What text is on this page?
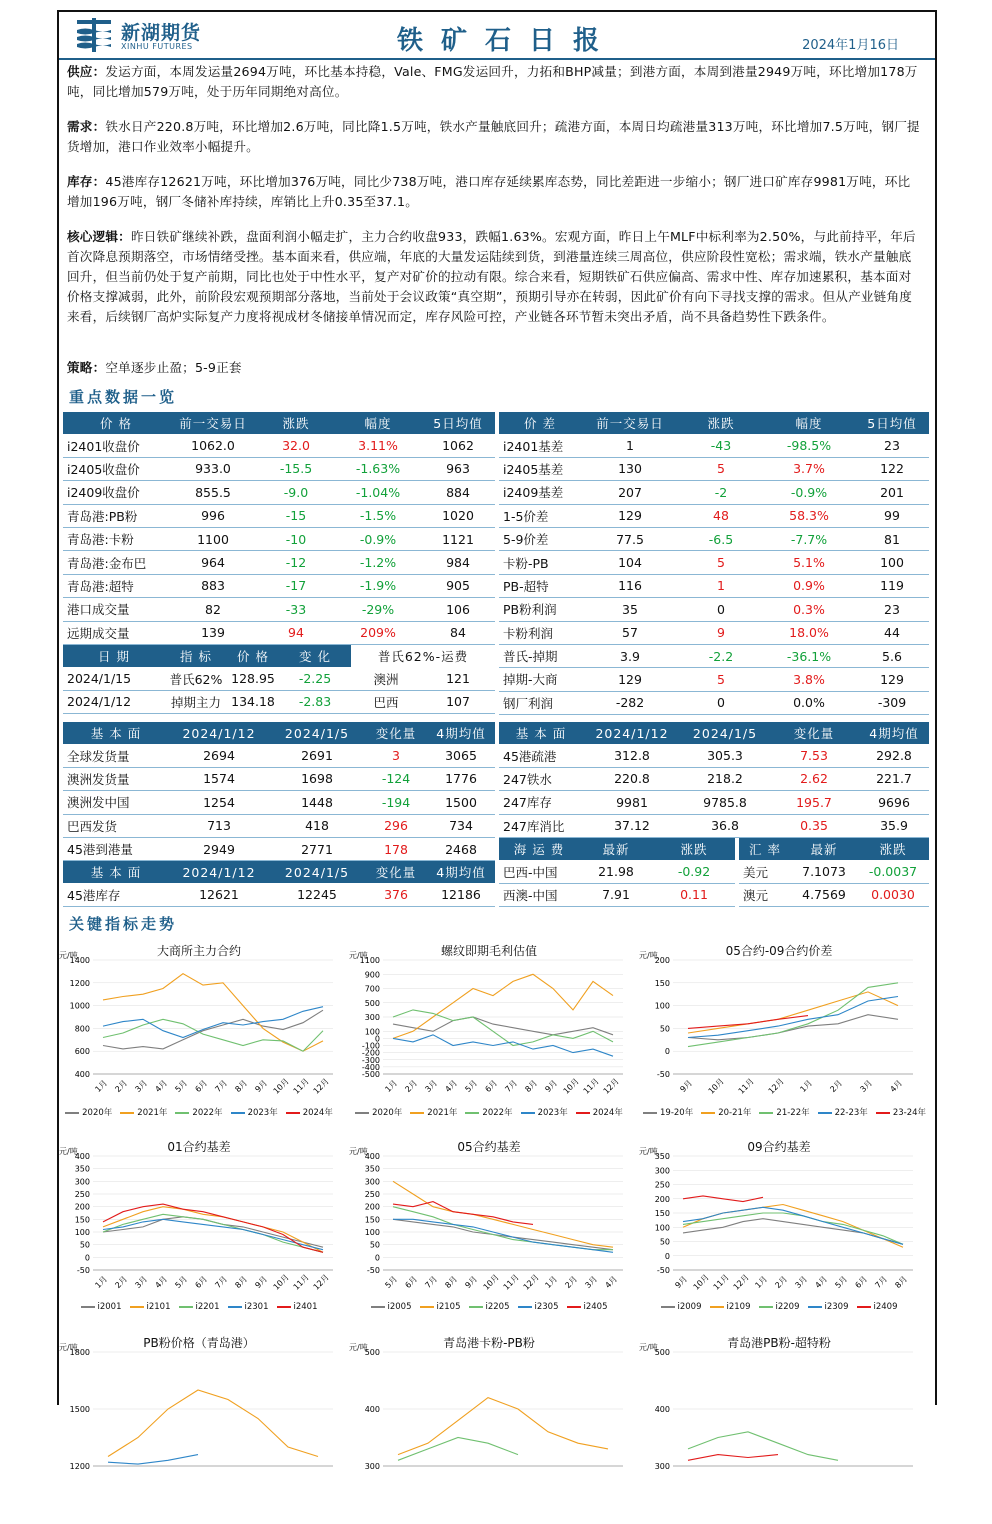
新湖期货
XINHU FUTURES	铁矿石日报	2024年1月16日
供应：发运方面，本周发运量2694万吨，环比基本持稳，Vale、FMG发运回升，力拓和BHP减量；到港方面，本周到港量2949万吨，环比增加178万吨，同比增加579万吨，处于历年同期绝对高位。
需求：铁水日产220.8万吨，环比增加2.6万吨，同比降1.5万吨，铁水产量触底回升；疏港方面，本周日均疏港量313万吨，环比增加7.5万吨，钢厂提货增加，港口作业效率小幅提升。
库存：45港库存12621万吨，环比增加376万吨，同比少738万吨，港口库存延续累库态势，同比差距进一步缩小；钢厂进口矿库存9981万吨，环比增加196万吨，钢厂冬储补库持续，库销比上升0.35至37.1。
核心逻辑：昨日铁矿继续补跌，盘面利润小幅走扩，主力合约收盘933，跌幅1.63%。宏观方面，昨日上午MLF中标利率为2.50%，与此前持平，年后首次降息预期落空，市场情绪受挫。基本面来看，供应端，年底的大量发运陆续到货，到港量连续三周高位，供应阶段性宽松；需求端，铁水产量触底回升，但当前仍处于复产前期，同比也处于中性水平，复产对矿价的拉动有限。综合来看，短期铁矿石供应偏高、需求中性、库存加速累积，基本面对价格支撑减弱，此外，前阶段宏观预期部分落地，当前处于会议政策“真空期”，预期引导亦在转弱，因此矿价有向下寻找支撑的需求。但从产业链角度来看，后续钢厂高炉实际复产力度将视成材冬储接单情况而定，库存风险可控，产业链各环节暂未突出矛盾，尚不具备趋势性下跌条件。
策略：空单逐步止盈；5-9正套
重点数据一览
价 格	前一交易日	涨跌	幅度	5日均值
i2401收盘价	1062.0	32.0	3.11%	1062
i2405收盘价	933.0	-15.5	-1.63%	963
i2409收盘价	855.5	-9.0	-1.04%	884
青岛港:PB粉	996	-15	-1.5%	1020
青岛港:卡粉	1100	-10	-0.9%	1121
青岛港:金布巴	964	-12	-1.2%	984
青岛港:超特	883	-17	-1.9%	905
港口成交量	82	-33	-29%	106
远期成交量	139	94	209%	84
价 差	前一交易日	涨跌	幅度	5日均值
i2401基差	1	-43	-98.5%	23
i2405基差	130	5	3.7%	122
i2409基差	207	-2	-0.9%	201
1-5价差	129	48	58.3%	99
5-9价差	77.5	-6.5	-7.7%	81
卡粉-PB	104	5	5.1%	100
PB-超特	116	1	0.9%	119
PB粉利润	35	0	0.3%	23
卡粉利润	57	9	18.0%	44
普氏-掉期	3.9	-2.2	-36.1%	5.6
掉期-大商	129	5	3.8%	129
钢厂利润	-282	0	0.0%	-309
日 期	指 标	价 格	变 化	普氏62%-运费	
2024/1/15	普氏62%	128.95	-2.25	澳洲	121
2024/1/12	掉期主力	134.18	-2.83	巴西	107
基 本 面	2024/1/12	2024/1/5	变化量	4期均值
全球发货量	2694	2691	3	3065
澳洲发货量	1574	1698	-124	1776
澳洲发中国	1254	1448	-194	1500
巴西发货	713	418	296	734
45港到港量	2949	2771	178	2468
基 本 面	2024/1/12	2024/1/5	变化量	4期均值
45港疏港	312.8	305.3	7.53	292.8
247铁水	220.8	218.2	2.62	221.7
247库存	9981	9785.8	195.7	9696
247库消比	37.12	36.8	0.35	35.9
基 本 面	2024/1/12	2024/1/5	变化量	4期均值
45港库存	12621	12245	376	12186
海 运 费	最新	涨跌
巴西-中国	21.98	-0.92
西澳-中国	7.91	0.11
汇 率	最新	涨跌
美元	7.1073	-0.0037
澳元	4.7569	0.0030
关键指标走势
大商所主力合约
元/吨
400
600
800
1000
1200
1400
1月 2月 3月 4月 5月 6月 7月 8月 9月 10月 11月 12月
2020年	2021年	2022年	2023年	2024年
螺纹即期毛利估值
元/吨
-500
-400
-300
-200
-100
0
100
300
500
700
900
1100
1月 2月 3月 4月 5月 6月 7月 8月 9月 10月 11月 12月
2020年	2021年	2022年	2023年	2024年
05合约-09合约价差
元/吨
-50
0
50
100
150
200
9月 10月 11月 12月 1月 2月 3月 4月
19-20年	20-21年	21-22年	22-23年	23-24年
01合约基差
元/吨
-50
0
50
100
150
200
250
300
350
400
1月 2月 3月 4月 5月 6月 7月 8月 9月 10月 11月 12月
i2001	i2101	i2201	i2301	i2401
05合约基差
元/吨
-50
0
50
100
150
200
250
300
350
400
5月 6月 7月 8月 9月 10月 11月 12月 1月 2月 3月 4月
i2005	i2105	i2205	i2305	i2405
09合约基差
元/吨
-50
0
50
100
150
200
250
300
350
9月 10月 11月 12月 1月 2月 3月 4月 5月 6月 7月 8月
i2009	i2109	i2209	i2309	i2409
PB粉价格（青岛港）
元/吨
1200
1500
1800
青岛港卡粉-PB粉
元/吨
300
400
500
青岛港PB粉-超特粉
元/吨
300
400
500
